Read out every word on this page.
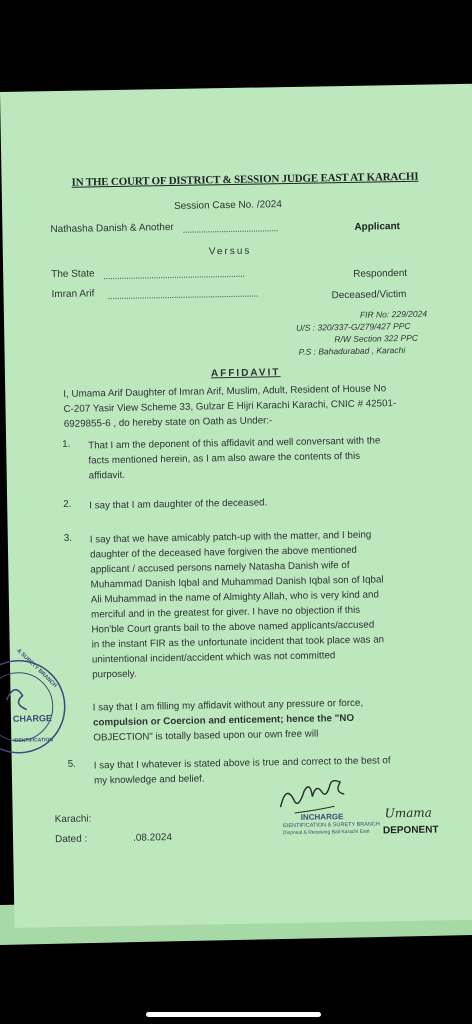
IN THE COURT OF DISTRICT & SESSION JUDGE EAST AT KARACHI
Session Case No. /2024
Nathasha Danish & Another ..........................................	Applicant
Versus
The State ..............................................................	Respondent
Imran Arif ..................................................................	Deceased/Victim
FIR No: 229/2024
U/S : 320/337-G/279/427 PPC
R/W Section 322 PPC
P.S : Bahadurabad , Karachi
AFFIDAVIT
I, Umama Arif Daughter of Imran Arif, Muslim, Adult, Resident of House No
C-207 Yasir View Scheme 33, Gulzar E Hijri Karachi Karachi, CNIC # 42501-
6929855-6 , do hereby state on Oath as Under:-
1. That I am the deponent of this affidavit and well conversant with the
facts mentioned herein, as I am also aware the contents of this
affidavit.
2. I say that I am daughter of the deceased.
3. I say that we have amicably patch-up with the matter, and I being
daughter of the deceased have forgiven the above mentioned
applicant / accused persons namely Natasha Danish wife of
Muhammad Danish Iqbal and Muhammad Danish Iqbal son of Iqbal
Ali Muhammad in the name of Almighty Allah, who is very kind and
merciful and in the greatest for giver. I have no objection if this
Hon'ble Court grants bail to the above named applicants/accused
in the instant FIR as the unfortunate incident that took place was an
unintentional incident/accident which was not committed
purposely.
I say that I am filling my affidavit without any pressure or force,
compulsion or Coercion and enticement; hence the "NO
OBJECTION" is totally based upon our own free will
5. I say that I whatever is stated above is true and correct to the best of
my knowledge and belief.
& SURETY BRANCH
CHARGE
IDENTIFICATION
Karachi:
Dated :	.08.2024
INCHARGE
IDENTIFICATION & SURETY BRANCH
Disposal & Receiving Bail Karachi East
Umama
DEPONENT
